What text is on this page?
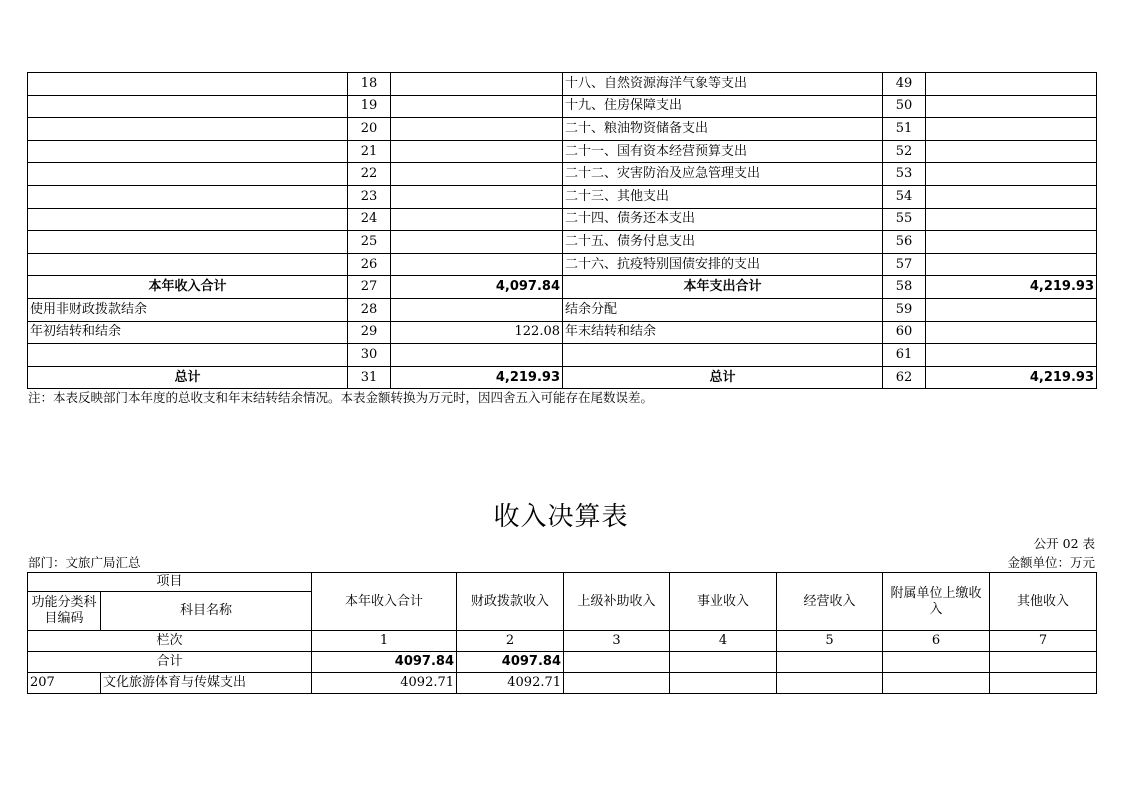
	18		十八、自然资源海洋气象等支出	49	
	19		十九、住房保障支出	50	
	20		二十、粮油物资储备支出	51	
	21		二十一、国有资本经营预算支出	52	
	22		二十二、灾害防治及应急管理支出	53	
	23		二十三、其他支出	54	
	24		二十四、债务还本支出	55	
	25		二十五、债务付息支出	56	
	26		二十六、抗疫特别国债安排的支出	57	
本年收入合计	27	4,097.84	本年支出合计	58	4,219.93
使用非财政拨款结余	28		结余分配	59	
年初结转和结余	29	122.08	年末结转和结余	60	
	30			61	
总计	31	4,219.93	总计	62	4,219.93

注：本表反映部门本年度的总收支和年末结转结余情况。本表金额转换为万元时，因四舍五入可能存在尾数误差。

收入决算表

公开 02 表

部门：文旅广局汇总	金额单位：万元

项目		本年收入合计	财政拨款收入	上级补助收入	事业收入	经营收入	附属单位上缴收入	其他收入
功能分类科目编码	科目名称							
栏次		1	2	3	4	5	6	7
合计		4097.84	4097.84					
207	文化旅游体育与传媒支出	4092.71	4092.71					
